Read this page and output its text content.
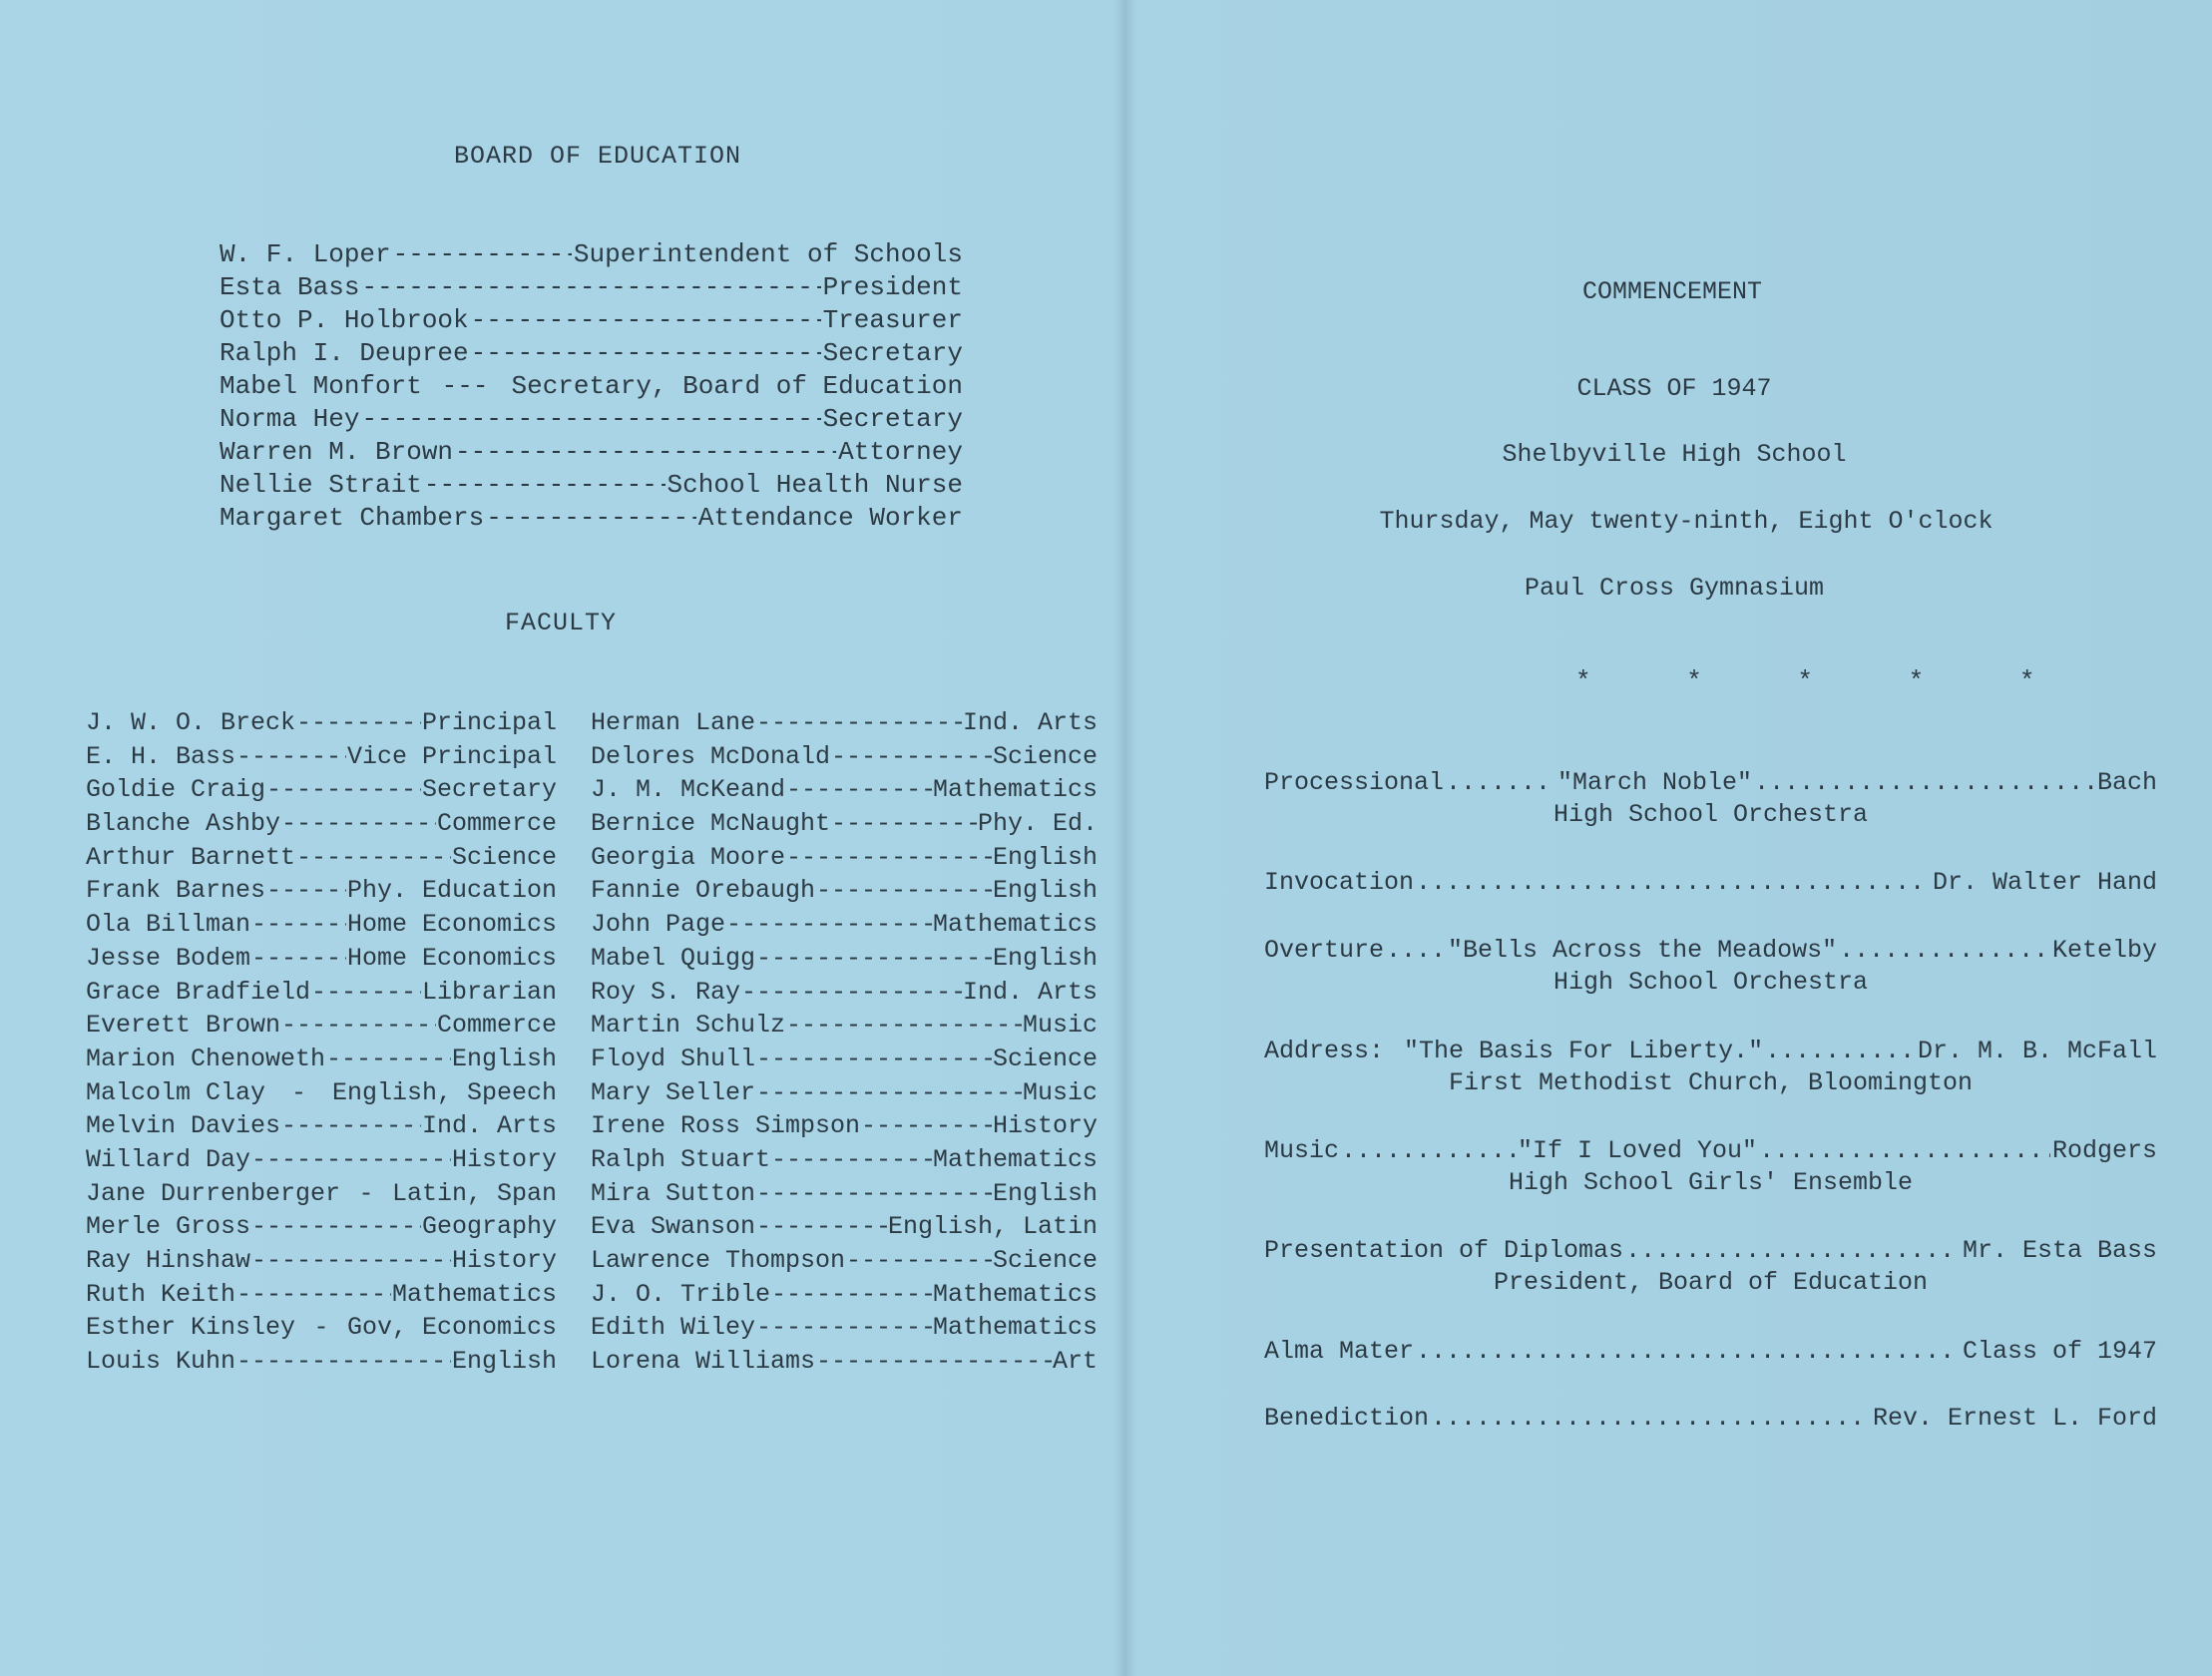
BOARD OF EDUCATION
W. F. Loper -----	Superintendent of Schools
Esta Bass -----	President
Otto P. Holbrook -----	Treasurer
Ralph I. Deupree -----	Secretary
Mabel Monfort -----	Secretary, Board of Education
Norma Hey -----	Secretary
Warren M. Brown -----	Attorney
Nellie Strait -----	School Health Nurse
Margaret Chambers -----	Attendance Worker
FACULTY
J. W. O. Breck -----	Principal
E. H. Bass -----	Vice Principal
Goldie Craig -----	Secretary
Blanche Ashby -----	Commerce
Arthur Barnett -----	Science
Frank Barnes -----	Phy. Education
Ola Billman -----	Home Economics
Jesse Bodem -----	Home Economics
Grace Bradfield -----	Librarian
Everett Brown -----	Commerce
Marion Chenoweth -----	English
Malcolm Clay -----	English, Speech
Melvin Davies -----	Ind. Arts
Willard Day -----	History
Jane Durrenberger ----- Latin, Span
Merle Gross -----	Geography
Ray Hinshaw -----	History
Ruth Keith -----	Mathematics
Esther Kinsley ----- Gov, Economics
Louis Kuhn -----	English
Herman Lane -----	Ind. Arts
Delores McDonald -----	Science
J. M. McKeand -----	Mathematics
Bernice McNaught -----	Phy. Ed.
Georgia Moore -----	English
Fannie Orebaugh -----	English
John Page -----	Mathematics
Mabel Quigg -----	English
Roy S. Ray -----	Ind. Arts
Martin Schulz -----	Music
Floyd Shull -----	Science
Mary Seller -----	Music
Irene Ross Simpson -----	History
Ralph Stuart -----	Mathematics
Mira Sutton -----	English
Eva Swanson -----	English, Latin
Lawrence Thompson -----	Science
J. O. Trible -----	Mathematics
Edith Wiley -----	Mathematics
Lorena Williams -----	Art
COMMENCEMENT
CLASS OF 1947
Shelbyville High School
Thursday, May twenty-ninth, Eight O'clock
Paul Cross Gymnasium
* * * * *
Processional .....	"March Noble" .....	Bach
High School Orchestra
Invocation .....	Dr. Walter Hand
Overture .....	"Bells Across the Meadows" .....	Ketelby
High School Orchestra
Address: "The Basis For Liberty." .....	Dr. M. B. McFall
First Methodist Church, Bloomington
Music .....	"If I Loved You" .....	Rodgers
High School Girls' Ensemble
Presentation of Diplomas .....	Mr. Esta Bass
President, Board of Education
Alma Mater .....	Class of 1947
Benediction .....	Rev. Ernest L. Ford
